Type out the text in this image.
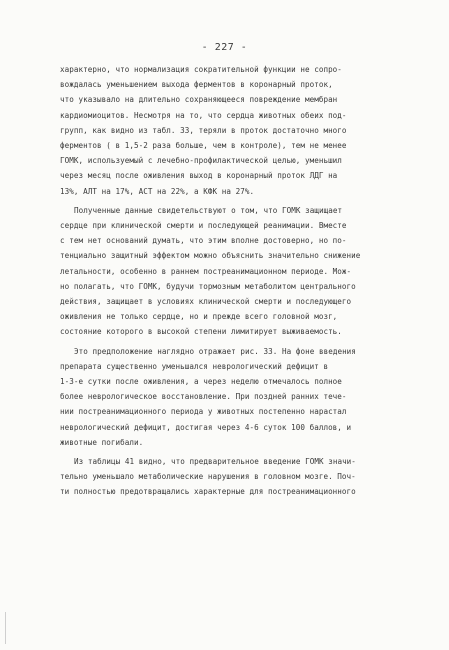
- 227 -
характерно, что нормализация сократительной функции не сопро-
вождалась уменьшением выхода ферментов в коронарный проток,
что указывало на длительно сохраняющееся повреждение мембран
кардиомиоцитов. Несмотря на то, что сердца животных обеих под-
групп, как видно из табл. 33, теряли в проток достаточно много
ферментов ( в 1,5-2 раза больше, чем в контроле), тем не менее
ГОМК, используемый с лечебно-профилактической целью, уменьшил
через месяц после оживления выход в коронарный проток ЛДГ на
13%, АЛТ на 17%, АСТ на 22%, а КФК на 27%.
Полученные данные свидетельствуют о том, что ГОМК защищает
сердце при клинической смерти и последующей реанимации. Вместе
с тем нет оснований думать, что этим вполне достоверно, но по-
тенциально защитный эффектом можно объяснить значительно снижение
летальности, особенно в раннем постреанимационном периоде. Мож-
но полагать, что ГОМК, будучи тормозным метаболитом центрального
действия, защищает в условиях клинической смерти и последующего
оживления не только сердце, но и прежде всего головной мозг,
состояние которого в высокой степени лимитирует выживаемость.
Это предположение наглядно отражает рис. 33. На фоне введения
препарата существенно уменьшался неврологический дефицит в
1-3-е сутки после оживления, а через неделю отмечалось полное
более неврологическое восстановление. При поздней ранних тече-
нии постреанимационного периода у животных постепенно нарастал
неврологический дефицит, достигая через 4-6 суток 100 баллов, и
животные погибали.
Из таблицы 41 видно, что предварительное введение ГОМК значи-
тельно уменьшало метаболические нарушения в головном мозге. Поч-
ти полностью предотвращались характерные для постреанимационного
